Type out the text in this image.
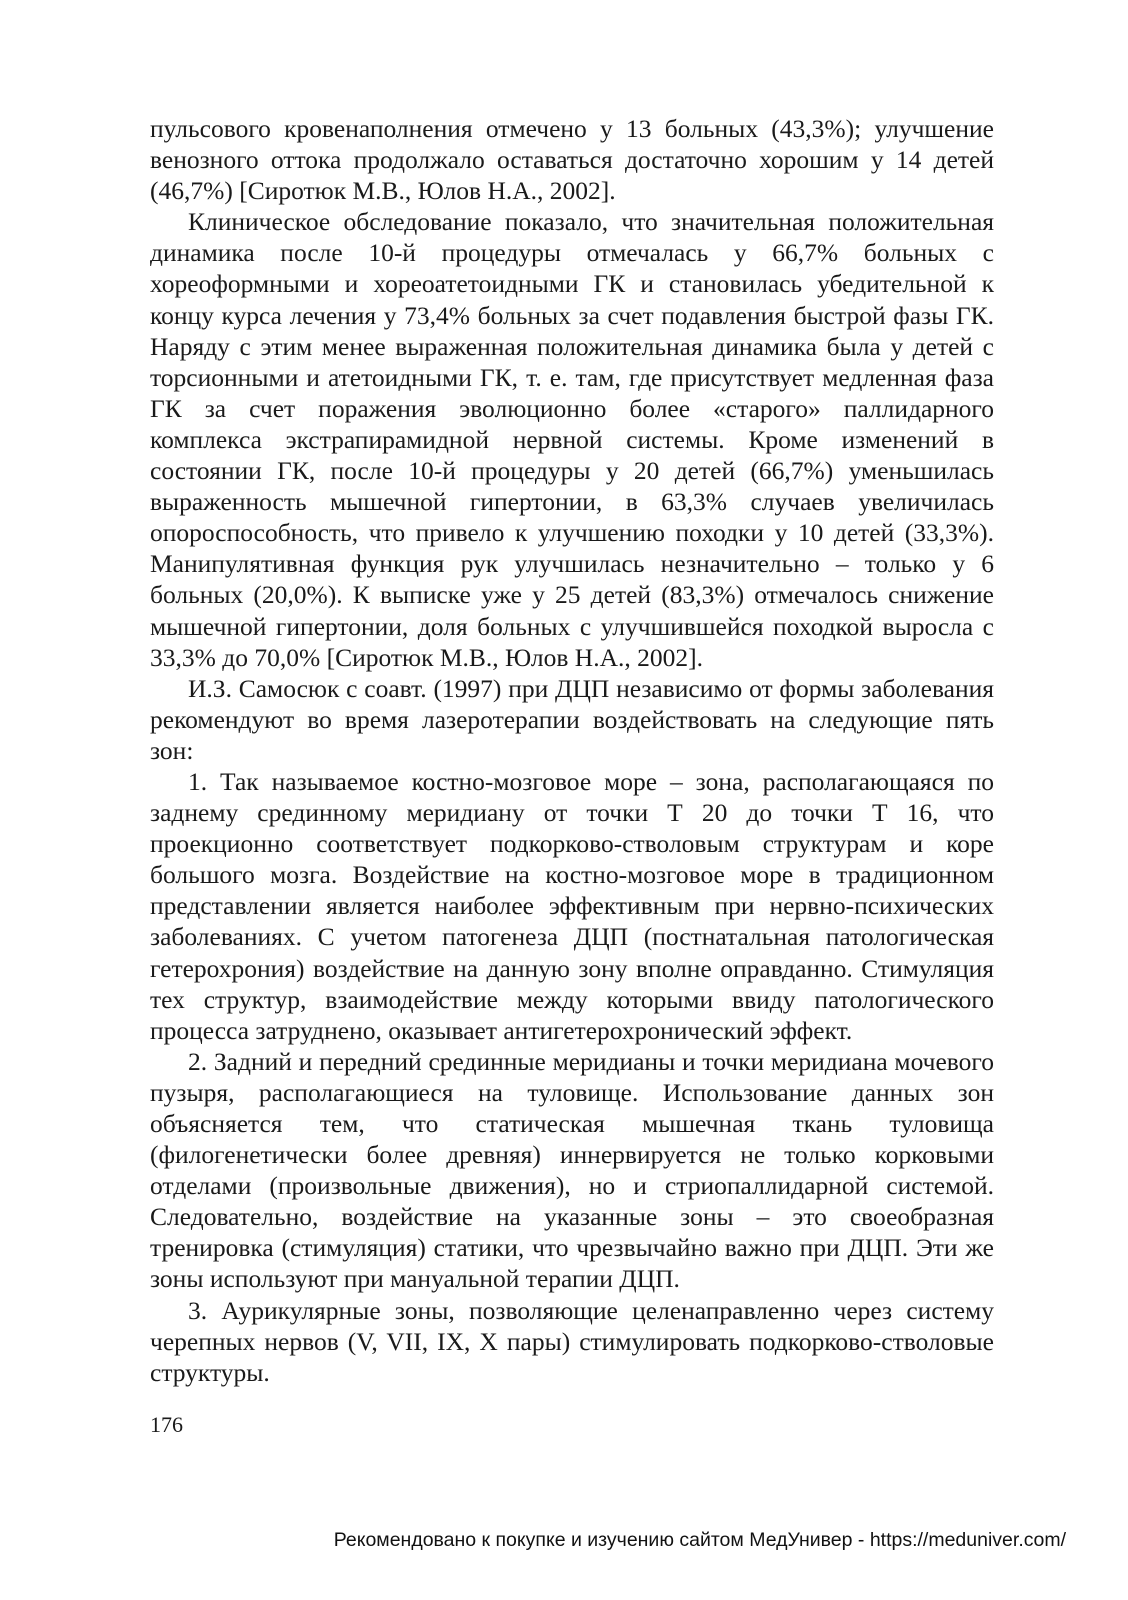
пульсового кровенаполнения отмечено у 13 больных (43,3%); улучшение венозного оттока продолжало оставаться достаточно хорошим у 14 детей (46,7%) [Сиротюк М.В., Юлов Н.А., 2002].

Клиническое обследование показало, что значительная положительная динамика после 10-й процедуры отмечалась у 66,7% больных с хореоформными и хореоатетоидными ГК и становилась убедительной к концу курса лечения у 73,4% больных за счет подавления быстрой фазы ГК. Наряду с этим менее выраженная положительная динамика была у детей с торсионными и атетоидными ГК, т. е. там, где присутствует медленная фаза ГК за счет поражения эволюционно более «старого» паллидарного комплекса экстрапирамидной нервной системы. Кроме изменений в состоянии ГК, после 10-й процедуры у 20 детей (66,7%) уменьшилась выраженность мышечной гипертонии, в 63,3% случаев увеличилась опороспособность, что привело к улучшению походки у 10 детей (33,3%). Манипулятивная функция рук улучшилась незначительно – только у 6 больных (20,0%). К выписке уже у 25 детей (83,3%) отмечалось снижение мышечной гипертонии, доля больных с улучшившейся походкой выросла с 33,3% до 70,0% [Сиротюк М.В., Юлов Н.А., 2002].

И.З. Самосюк с соавт. (1997) при ДЦП независимо от формы заболевания рекомендуют во время лазеротерапии воздействовать на следующие пять зон:

1. Так называемое костно-мозговое море – зона, располагающаяся по заднему срединному меридиану от точки Т 20 до точки Т 16, что проекционно соответствует подкорково-стволовым структурам и коре большого мозга. Воздействие на костно-мозговое море в традиционном представлении является наиболее эффективным при нервно-психических заболеваниях. С учетом патогенеза ДЦП (постнатальная патологическая гетерохрония) воздействие на данную зону вполне оправданно. Стимуляция тех структур, взаимодействие между которыми ввиду патологического процесса затруднено, оказывает антигетерохронический эффект.

2. Задний и передний срединные меридианы и точки меридиана мочевого пузыря, располагающиеся на туловище. Использование данных зон объясняется тем, что статическая мышечная ткань туловища (филогенетически более древняя) иннервируется не только корковыми отделами (произвольные движения), но и стриопаллидарной системой. Следовательно, воздействие на указанные зоны – это своеобразная тренировка (стимуляция) статики, что чрезвычайно важно при ДЦП. Эти же зоны используют при мануальной терапии ДЦП.

3. Аурикулярные зоны, позволяющие целенаправленно через систему черепных нервов (V, VII, IX, X пары) стимулировать подкорково-стволовые структуры.

176
Рекомендовано к покупке и изучению сайтом МедУнивер - https://meduniver.com/
